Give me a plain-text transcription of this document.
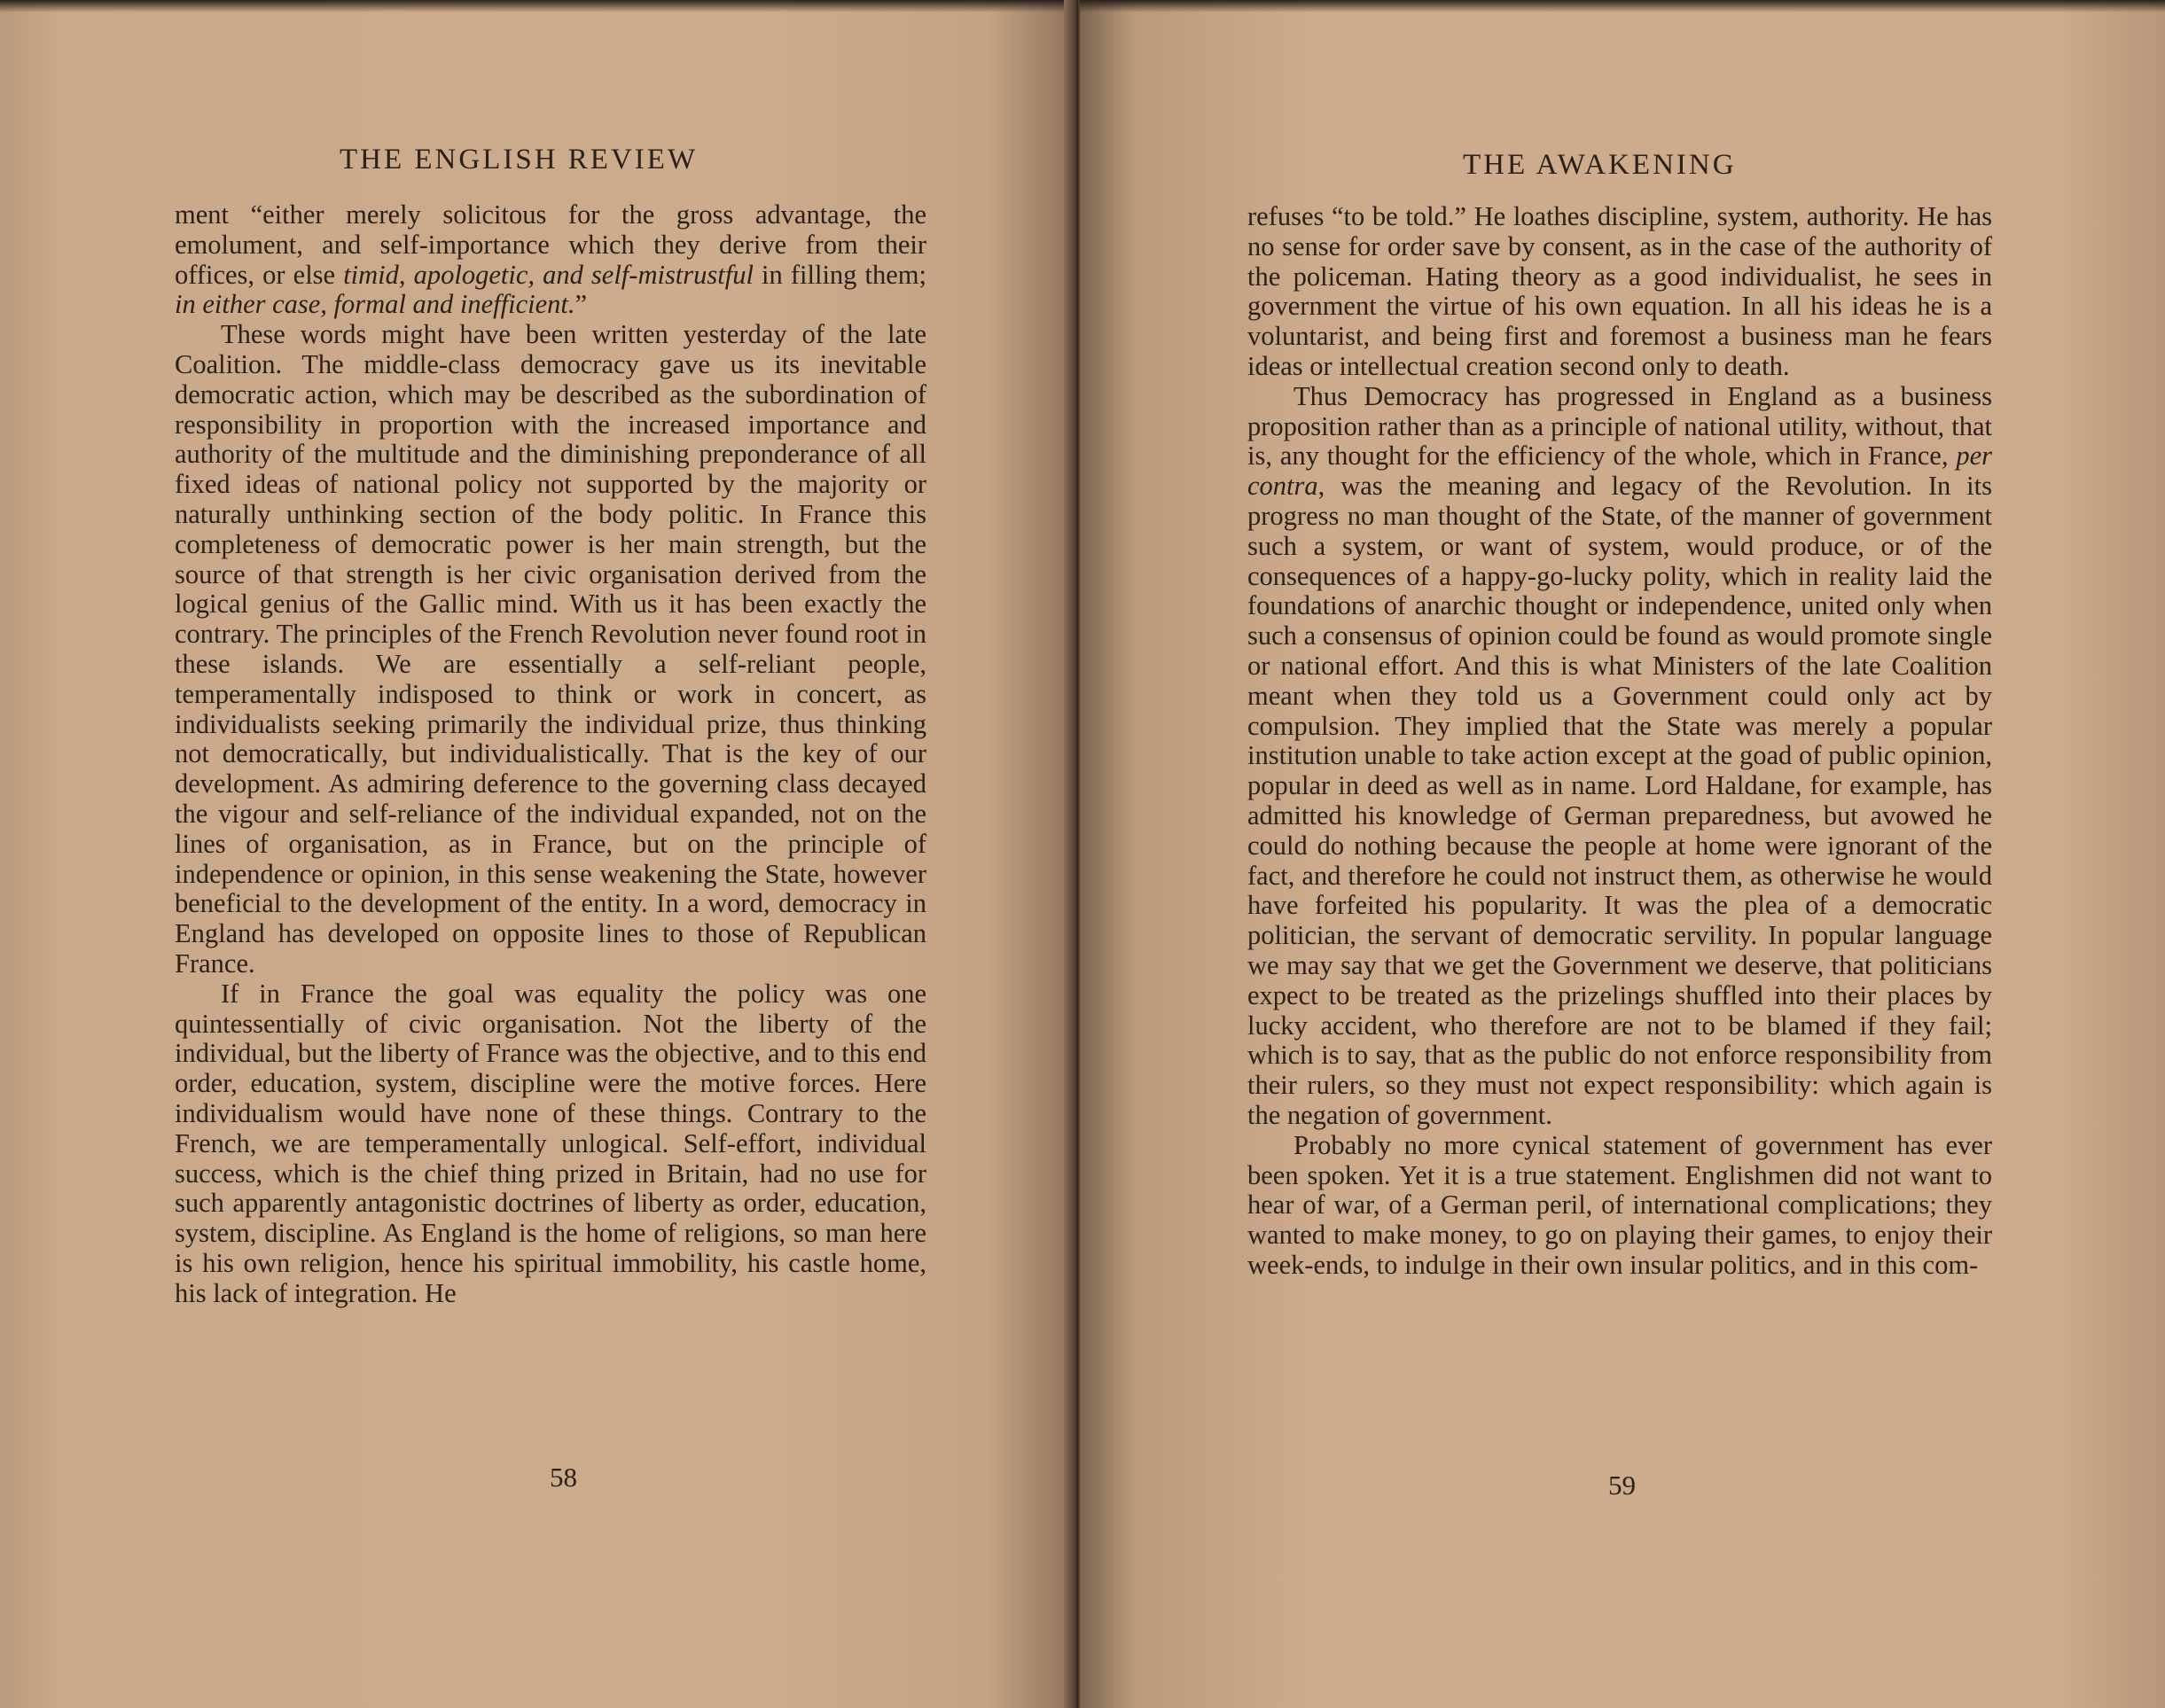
THE ENGLISH REVIEW

ment “either merely solicitous for the gross advantage, the emolument, and self-importance which they derive from their offices, or else timid, apologetic, and self-mistrustful in filling them; in either case, formal and inefficient.”

These words might have been written yesterday of the late Coalition. The middle-class democracy gave us its inevitable democratic action, which may be described as the subordination of responsibility in proportion with the increased importance and authority of the multitude and the diminishing preponderance of all fixed ideas of national policy not supported by the majority or naturally unthinking section of the body politic. In France this completeness of democratic power is her main strength, but the source of that strength is her civic organisation derived from the logical genius of the Gallic mind. With us it has been exactly the contrary. The principles of the French Revolution never found root in these islands. We are essentially a self-reliant people, temperamentally indisposed to think or work in concert, as individualists seeking primarily the individual prize, thus thinking not democratically, but individualistically. That is the key of our development. As admiring deference to the governing class decayed the vigour and self-reliance of the individual expanded, not on the lines of organisation, as in France, but on the principle of independence or opinion, in this sense weakening the State, however beneficial to the development of the entity. In a word, democracy in England has developed on opposite lines to those of Republican France.

If in France the goal was equality the policy was one quintessentially of civic organisation. Not the liberty of the individual, but the liberty of France was the objective, and to this end order, education, system, discipline were the motive forces. Here individualism would have none of these things. Contrary to the French, we are temperamentally unlogical. Self-effort, individual success, which is the chief thing prized in Britain, had no use for such apparently antagonistic doctrines of liberty as order, education, system, discipline. As England is the home of religions, so man here is his own religion, hence his spiritual immobility, his castle home, his lack of integration. He

58
THE AWAKENING

refuses “to be told.” He loathes discipline, system, authority. He has no sense for order save by consent, as in the case of the authority of the policeman. Hating theory as a good individualist, he sees in government the virtue of his own equation. In all his ideas he is a voluntarist, and being first and foremost a business man he fears ideas or intellectual creation second only to death.

Thus Democracy has progressed in England as a business proposition rather than as a principle of national utility, without, that is, any thought for the efficiency of the whole, which in France, per contra, was the meaning and legacy of the Revolution. In its progress no man thought of the State, of the manner of government such a system, or want of system, would produce, or of the consequences of a happy-go-lucky polity, which in reality laid the foundations of anarchic thought or independence, united only when such a consensus of opinion could be found as would promote single or national effort. And this is what Ministers of the late Coalition meant when they told us a Government could only act by compulsion. They implied that the State was merely a popular institution unable to take action except at the goad of public opinion, popular in deed as well as in name. Lord Haldane, for example, has admitted his knowledge of German preparedness, but avowed he could do nothing because the people at home were ignorant of the fact, and therefore he could not instruct them, as otherwise he would have forfeited his popularity. It was the plea of a democratic politician, the servant of democratic servility. In popular language we may say that we get the Government we deserve, that politicians expect to be treated as the prizelings shuffled into their places by lucky accident, who therefore are not to be blamed if they fail; which is to say, that as the public do not enforce responsibility from their rulers, so they must not expect responsibility: which again is the negation of government.

Probably no more cynical statement of government has ever been spoken. Yet it is a true statement. Englishmen did not want to hear of war, of a German peril, of international complications; they wanted to make money, to go on playing their games, to enjoy their week-ends, to indulge in their own insular politics, and in this com-

59
